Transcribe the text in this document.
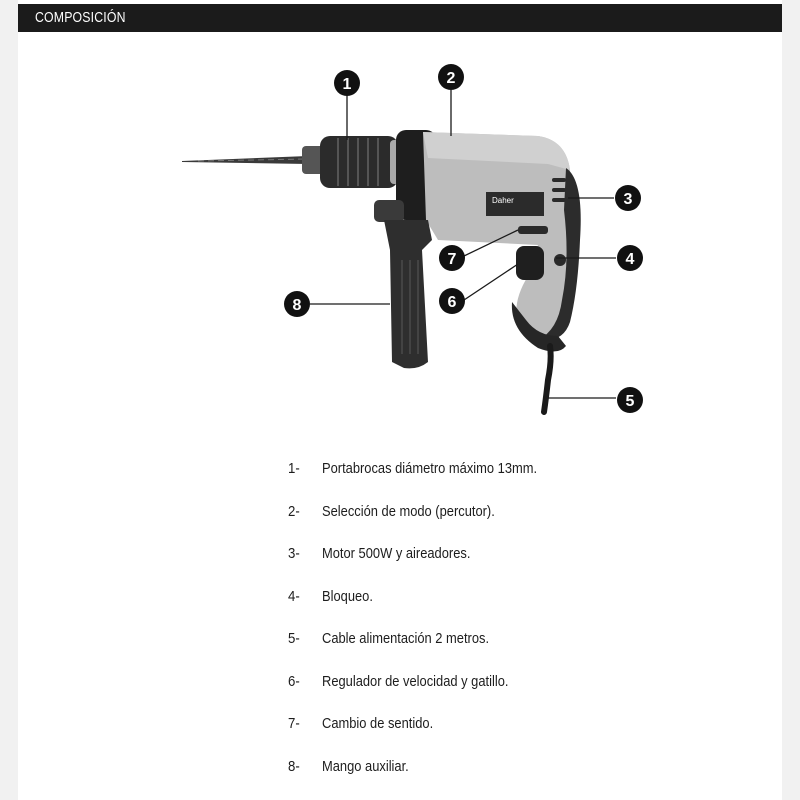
COMPOSICIÓN
Daher
1	2
3
4
5
6
7
8
1-	Portabrocas diámetro máximo 13mm.
2-	Selección de modo (percutor).
3-	Motor 500W y aireadores.
4-	Bloqueo.
5-	Cable alimentación 2 metros.
6-	Regulador de velocidad y gatillo.
7-	Cambio de sentido.
8-	Mango auxiliar.
